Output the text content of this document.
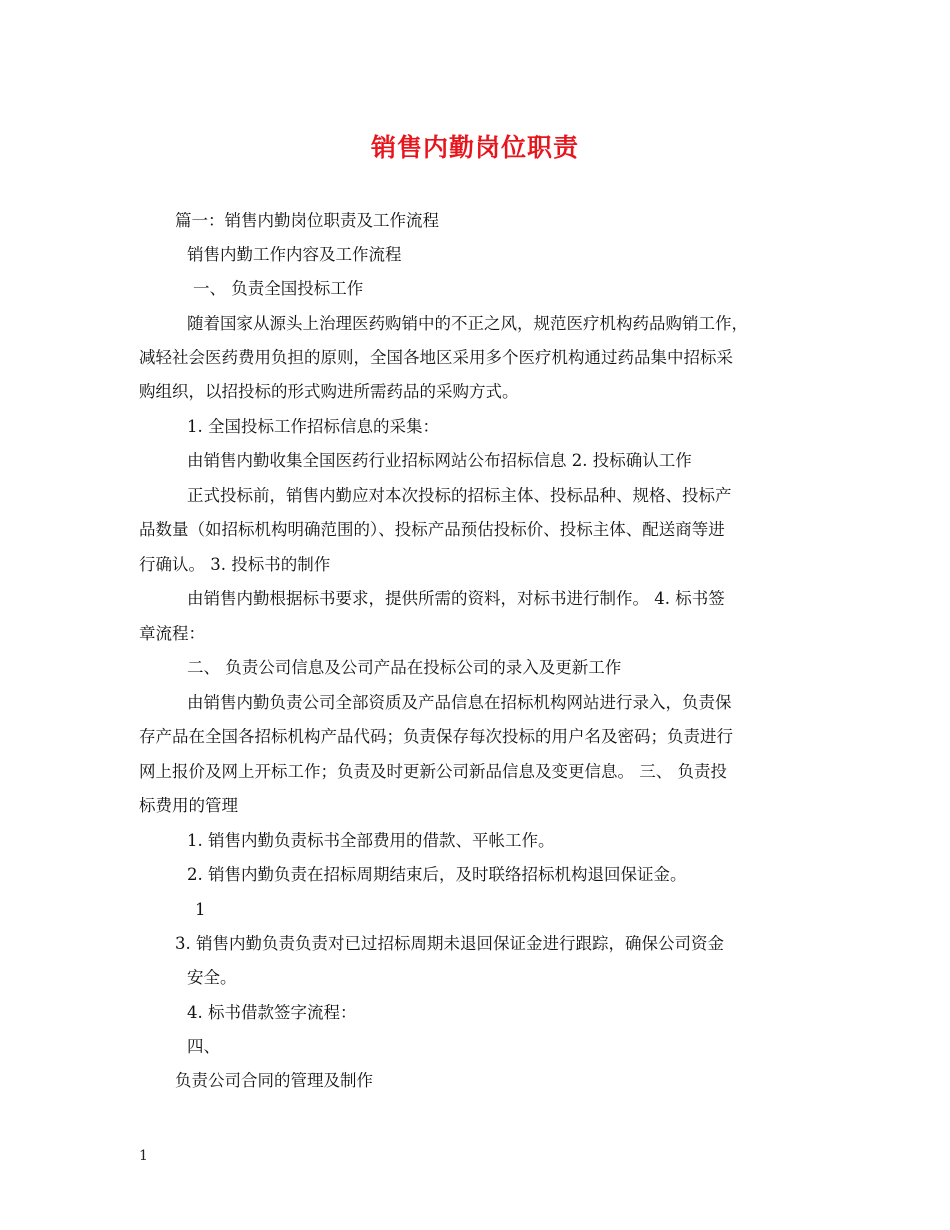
销售内勤岗位职责
篇一：销售内勤岗位职责及工作流程
销售内勤工作内容及工作流程
一、 负责全国投标工作
随着国家从源头上治理医药购销中的不正之风，规范医疗机构药品购销工作，
减轻社会医药费用负担的原则，全国各地区采用多个医疗机构通过药品集中招标采
购组织，以招投标的形式购进所需药品的采购方式。
1. 全国投标工作招标信息的采集：
由销售内勤收集全国医药行业招标网站公布招标信息 2. 投标确认工作
正式投标前，销售内勤应对本次投标的招标主体、投标品种、规格、投标产
品数量（如招标机构明确范围的）、投标产品预估投标价、投标主体、配送商等进
行确认。 3. 投标书的制作
由销售内勤根据标书要求，提供所需的资料，对标书进行制作。 4. 标书签
章流程：
二、 负责公司信息及公司产品在投标公司的录入及更新工作
由销售内勤负责公司全部资质及产品信息在招标机构网站进行录入，负责保
存产品在全国各招标机构产品代码；负责保存每次投标的用户名及密码；负责进行
网上报价及网上开标工作；负责及时更新公司新品信息及变更信息。 三、 负责投
标费用的管理
1. 销售内勤负责标书全部费用的借款、平帐工作。
2. 销售内勤负责在招标周期结束后，及时联络招标机构退回保证金。
1
3. 销售内勤负责负责对已过招标周期未退回保证金进行跟踪，确保公司资金
安全。
4. 标书借款签字流程：
四、
负责公司合同的管理及制作
1
